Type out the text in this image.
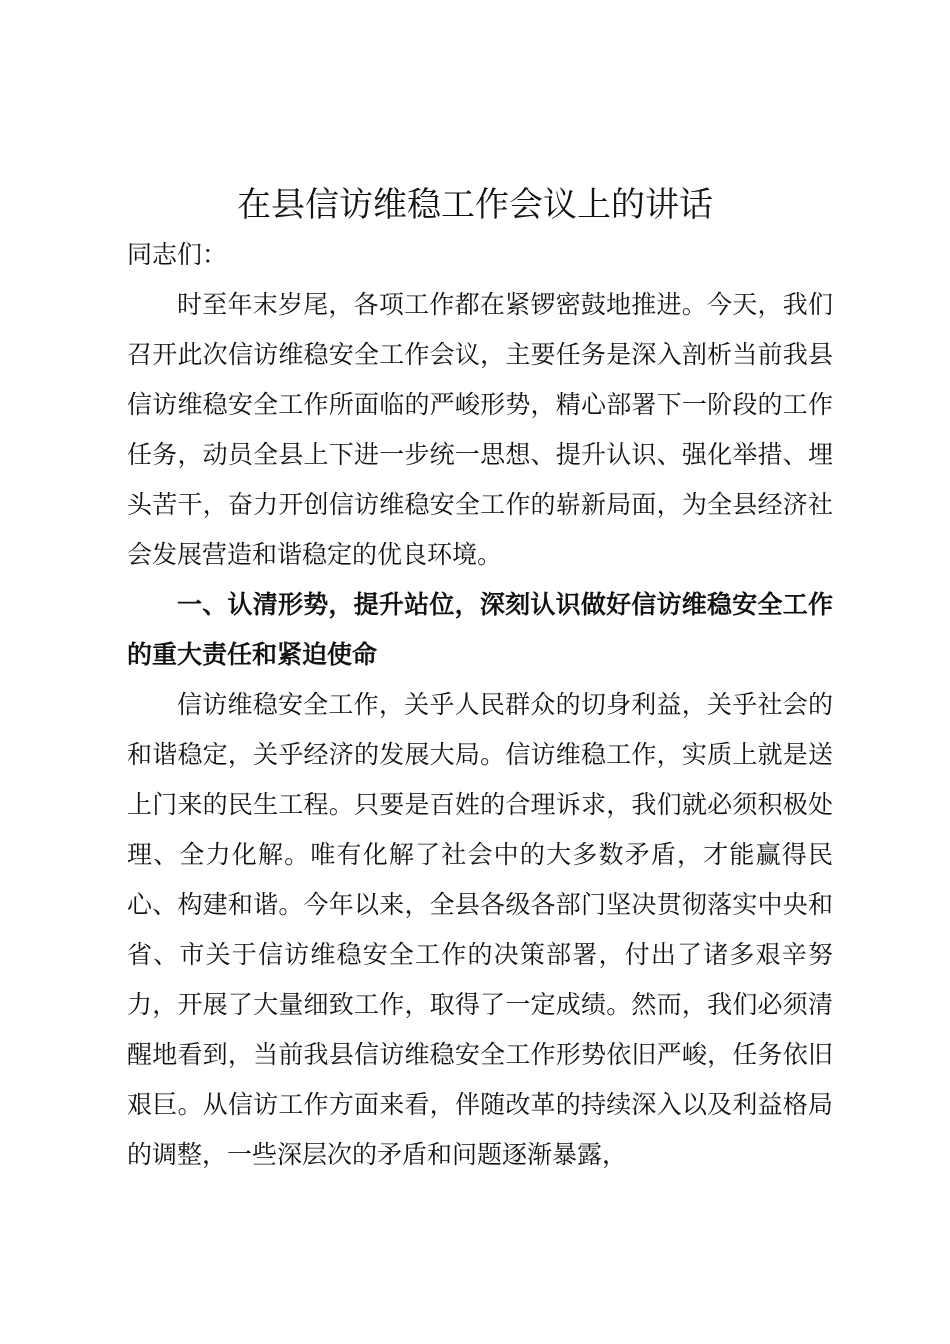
在县信访维稳工作会议上的讲话

同志们：

时至年末岁尾，各项工作都在紧锣密鼓地推进。今天，我们召开此次信访维稳安全工作会议，主要任务是深入剖析当前我县信访维稳安全工作所面临的严峻形势，精心部署下一阶段的工作任务，动员全县上下进一步统一思想、提升认识、强化举措、埋头苦干，奋力开创信访维稳安全工作的崭新局面，为全县经济社会发展营造和谐稳定的优良环境。

一、认清形势，提升站位，深刻认识做好信访维稳安全工作的重大责任和紧迫使命

信访维稳安全工作，关乎人民群众的切身利益，关乎社会的和谐稳定，关乎经济的发展大局。信访维稳工作，实质上就是送上门来的民生工程。只要是百姓的合理诉求，我们就必须积极处理、全力化解。唯有化解了社会中的大多数矛盾，才能赢得民心、构建和谐。今年以来，全县各级各部门坚决贯彻落实中央和省、市关于信访维稳安全工作的决策部署，付出了诸多艰辛努力，开展了大量细致工作，取得了一定成绩。然而，我们必须清醒地看到，当前我县信访维稳安全工作形势依旧严峻，任务依旧艰巨。从信访工作方面来看，伴随改革的持续深入以及利益格局的调整，一些深层次的矛盾和问题逐渐暴露，
